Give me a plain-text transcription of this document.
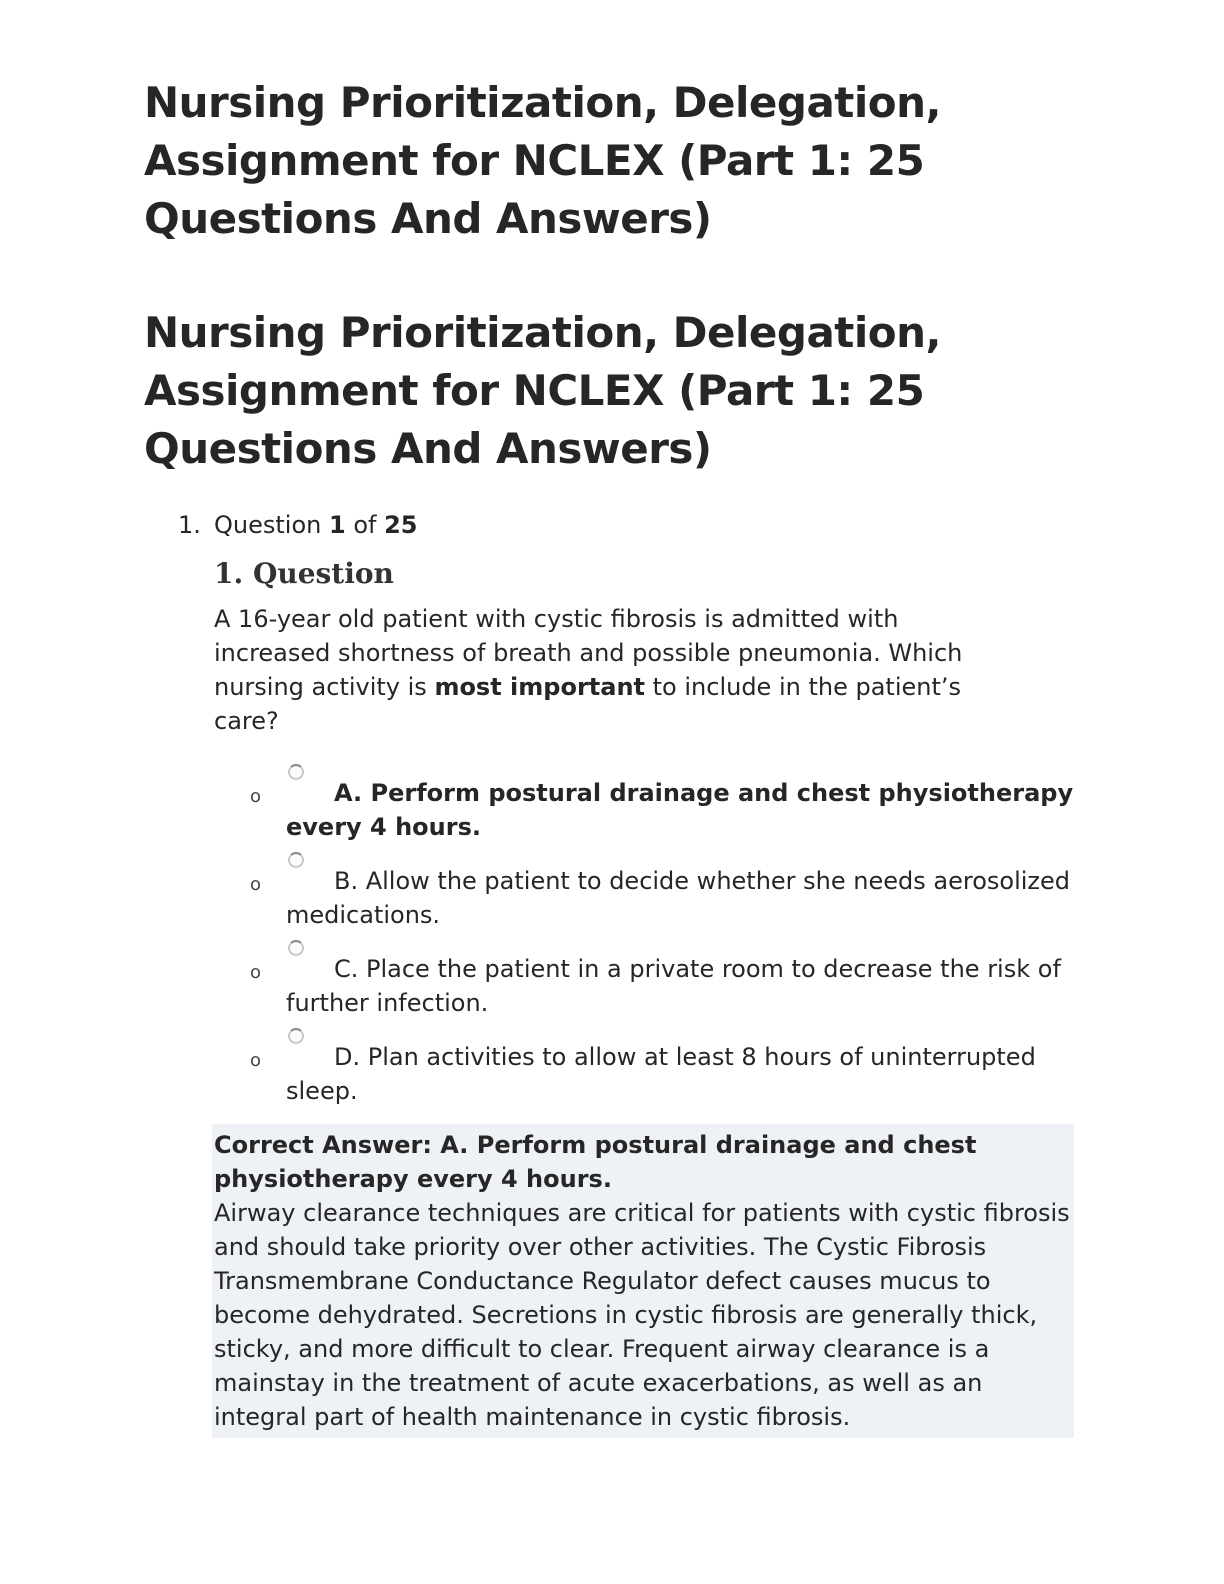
Nursing Prioritization, Delegation, Assignment for NCLEX (Part 1: 25 Questions And Answers)
Nursing Prioritization, Delegation, Assignment for NCLEX (Part 1: 25 Questions And Answers)
1. Question 1 of 25
1. Question
A 16-year old patient with cystic fibrosis is admitted with increased shortness of breath and possible pneumonia. Which nursing activity is most important to include in the patient’s care?
o	A. Perform postural drainage and chest physiotherapy every 4 hours.
o	B. Allow the patient to decide whether she needs aerosolized medications.
o	C. Place the patient in a private room to decrease the risk of further infection.
o	D. Plan activities to allow at least 8 hours of uninterrupted sleep.
Correct Answer: A. Perform postural drainage and chest physiotherapy every 4 hours.
Airway clearance techniques are critical for patients with cystic fibrosis and should take priority over other activities. The Cystic Fibrosis Transmembrane Conductance Regulator defect causes mucus to become dehydrated. Secretions in cystic fibrosis are generally thick, sticky, and more difficult to clear. Frequent airway clearance is a mainstay in the treatment of acute exacerbations, as well as an integral part of health maintenance in cystic fibrosis.
